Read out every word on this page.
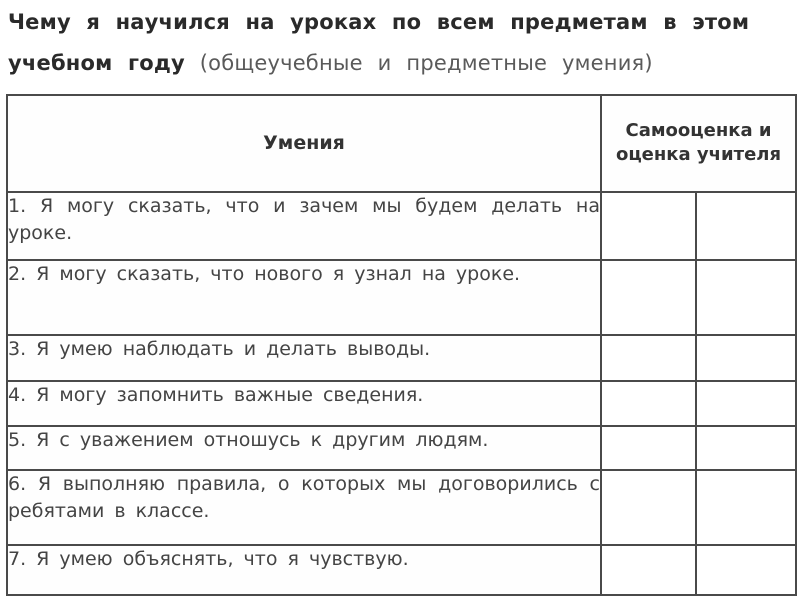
Чему я научился на уроках по всем предметам в этом учебном году (общеучебные и предметные умения)
Умения	Самооценка и оценка учителя	
1. Я могу сказать, что и зачем мы будем делать на уроке.		
2. Я могу сказать, что нового я узнал на уроке.		
3. Я умею наблюдать и делать выводы.		
4. Я могу запомнить важные сведения.		
5. Я с уважением отношусь к другим людям.		
6. Я выполняю правила, о которых мы договорились с ребятами в классе.		
7. Я умею объяснять, что я чувствую.		
